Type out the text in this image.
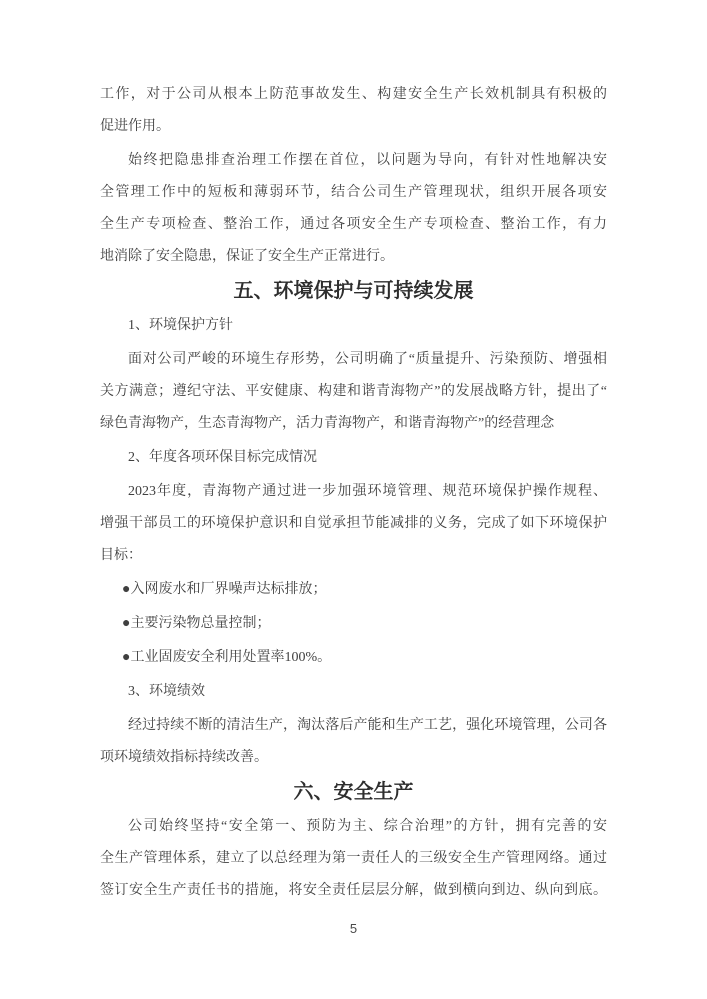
工作，对于公司从根本上防范事故发生、构建安全生产长效机制具有积极的
促进作用。
始终把隐患排查治理工作摆在首位，以问题为导向，有针对性地解决安
全管理工作中的短板和薄弱环节，结合公司生产管理现状，组织开展各项安
全生产专项检查、整治工作，通过各项安全生产专项检查、整治工作，有力
地消除了安全隐患，保证了安全生产正常进行。
五、环境保护与可持续发展
1、环境保护方针
面对公司严峻的环境生存形势，公司明确了“质量提升、污染预防、增强相
关方满意；遵纪守法、平安健康、构建和谐青海物产”的发展战略方针，提出了“
绿色青海物产，生态青海物产，活力青海物产，和谐青海物产”的经营理念
2、年度各项环保目标完成情况
2023年度，青海物产通过进一步加强环境管理、规范环境保护操作规程、
增强干部员工的环境保护意识和自觉承担节能减排的义务，完成了如下环境保护
目标：
●入网废水和厂界噪声达标排放；
●主要污染物总量控制；
●工业固废安全利用处置率100%。
3、环境绩效
经过持续不断的清洁生产，淘汰落后产能和生产工艺，强化环境管理，公司各
项环境绩效指标持续改善。
六、安全生产
公司始终坚持“安全第一、预防为主、综合治理”的方针，拥有完善的安
全生产管理体系，建立了以总经理为第一责任人的三级安全生产管理网络。通过
签订安全生产责任书的措施，将安全责任层层分解，做到横向到边、纵向到底。
5
